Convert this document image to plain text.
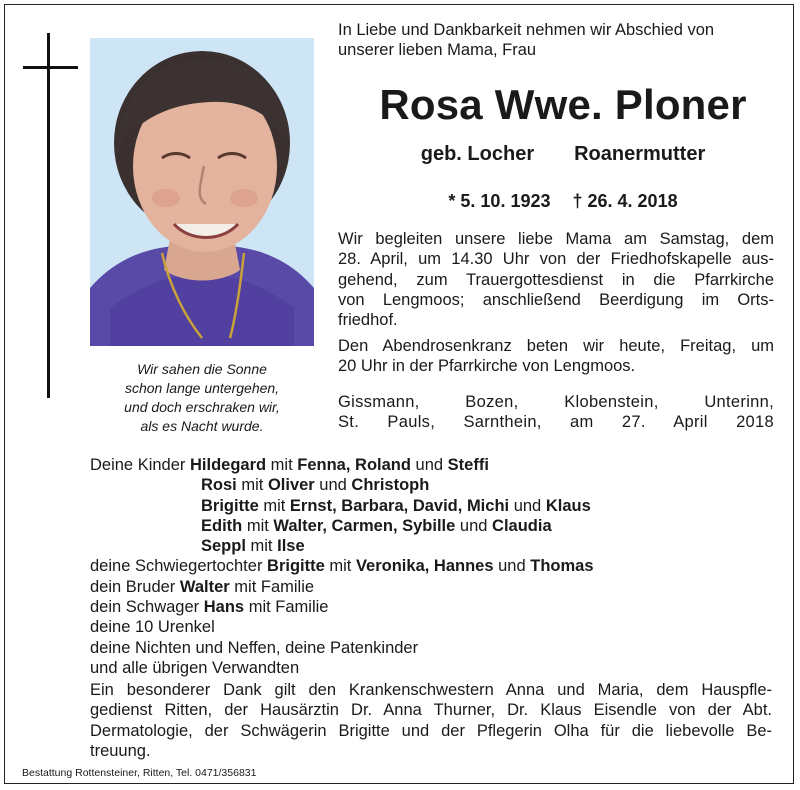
Wir sahen die Sonne
schon lange untergehen,
und doch erschraken wir,
als es Nacht wurde.
In Liebe und Dankbarkeit nehmen wir Abschied von
unserer lieben Mama, Frau
Rosa Wwe. Ploner
geb. Locher Roanermutter
* 5. 10. 1923 † 26. 4. 2018
Wir begleiten unsere liebe Mama am Samstag, dem
28. April, um 14.30 Uhr von der Friedhofskapelle aus-
gehend, zum Trauergottesdienst in die Pfarrkirche
von Lengmoos; anschließend Beerdigung im Orts-
friedhof.
Den Abendrosenkranz beten wir heute, Freitag, um
20 Uhr in der Pfarrkirche von Lengmoos.
Gissmann, Bozen, Klobenstein, Unterinn,
St. Pauls, Sarnthein, am 27. April 2018
Deine Kinder Hildegard mit Fenna, Roland und Steffi
Rosi mit Oliver und Christoph
Brigitte mit Ernst, Barbara, David, Michi und Klaus
Edith mit Walter, Carmen, Sybille und Claudia
Seppl mit Ilse
deine Schwiegertochter Brigitte mit Veronika, Hannes und Thomas
dein Bruder Walter mit Familie
dein Schwager Hans mit Familie
deine 10 Urenkel
deine Nichten und Neffen, deine Patenkinder
und alle übrigen Verwandten
Ein besonderer Dank gilt den Krankenschwestern Anna und Maria, dem Hauspfle-
gedienst Ritten, der Hausärztin Dr. Anna Thurner, Dr. Klaus Eisendle von der Abt.
Dermatologie, der Schwägerin Brigitte und der Pflegerin Olha für die liebevolle Be-
treuung.
Bestattung Rottensteiner, Ritten, Tel. 0471/356831
